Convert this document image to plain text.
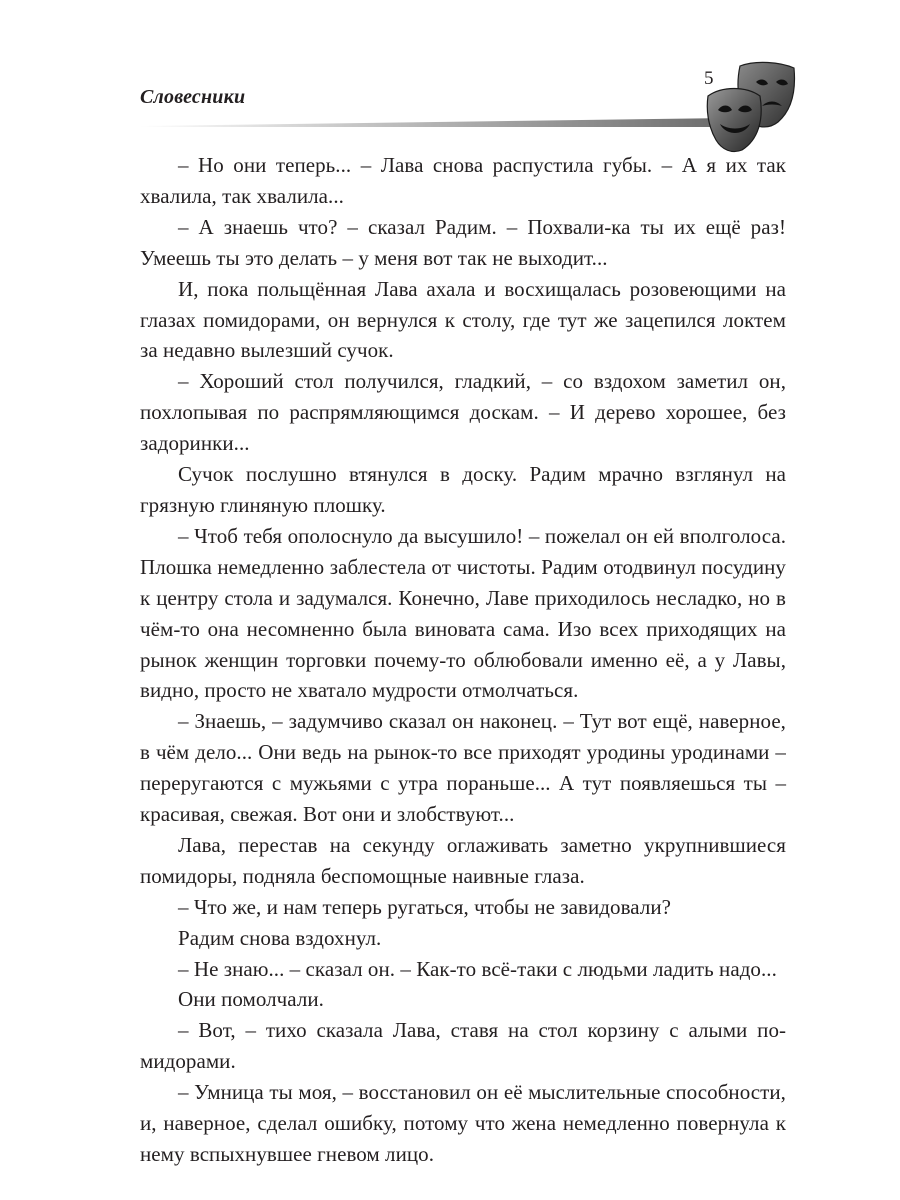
Словесники
5

– Но они теперь... – Лава снова распустила губы. – А я их так хвалила, так хвалила...

– А знаешь что? – сказал Радим. – Похвали-ка ты их ещё раз! Умеешь ты это делать – у меня вот так не выходит...

И, пока польщённая Лава ахала и восхищалась розовеющими на глазах помидорами, он вернулся к столу, где тут же зацепился локтем за недавно вылезший сучок.

– Хороший стол получился, гладкий, – со вздохом заметил он, похлопывая по распрямляющимся доскам. – И дерево хорошее, без задоринки...

Сучок послушно втянулся в доску. Радим мрачно взглянул на грязную глиняную плошку.

– Чтоб тебя ополоснуло да высушило! – пожелал он ей вполголоса. Плошка немедленно заблестела от чистоты. Радим отодвинул посудину к центру стола и задумался. Конечно, Лаве приходилось несладко, но в чём-то она несомненно была виновата сама. Изо всех приходящих на рынок женщин торговки почему-то облюбовали именно её, а у Лавы, видно, просто не хватало мудрости отмолчаться.

– Знаешь, – задумчиво сказал он наконец. – Тут вот ещё, наверное, в чём дело... Они ведь на рынок-то все приходят уродины уродинами – переругаются с мужьями с утра пораньше... А тут появляешься ты – красивая, свежая. Вот они и злобствуют...

Лава, перестав на секунду оглаживать заметно укрупнившиеся помидоры, подняла беспомощные наивные глаза.

– Что же, и нам теперь ругаться, чтобы не завидовали?

Радим снова вздохнул.

– Не знаю... – сказал он. – Как-то всё-таки с людьми ладить надо...

Они помолчали.

– Вот, – тихо сказала Лава, ставя на стол корзину с алыми помидорами.

– Умница ты моя, – восстановил он её мыслительные способности, и, наверное, сделал ошибку, потому что жена немедленно повернула к нему вспыхнувшее гневом лицо.
